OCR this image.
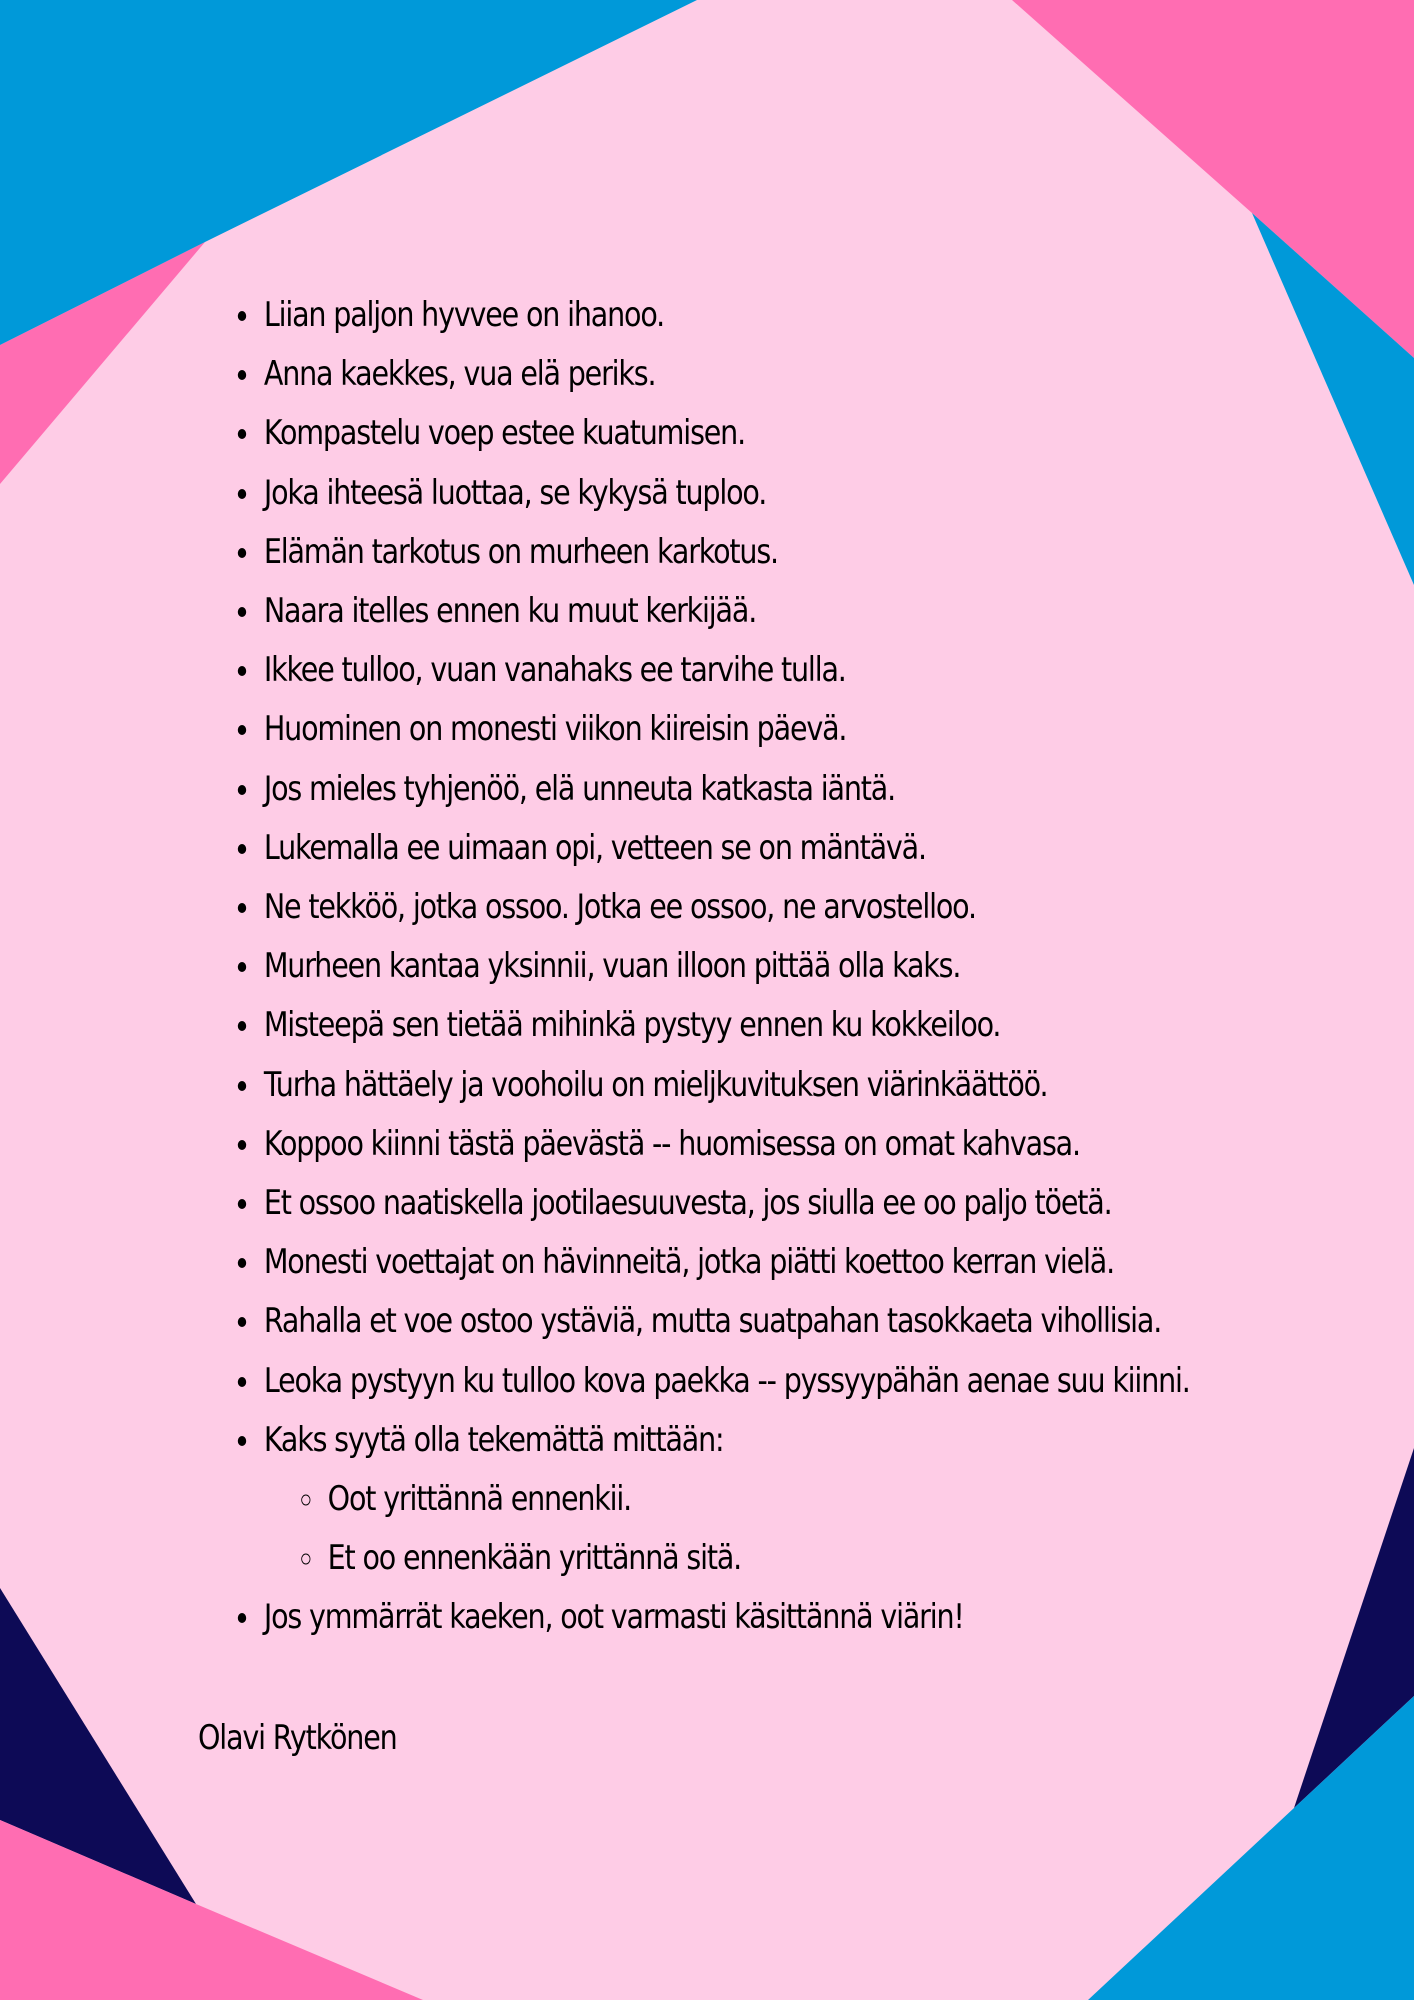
• Liian paljon hyvvee on ihanoo.
• Anna kaekkes, vua elä periks.
• Kompastelu voep estee kuatumisen.
• Joka ihteesä luottaa, se kykysä tuploo.
• Elämän tarkotus on murheen karkotus.
• Naara itelles ennen ku muut kerkijää.
• Ikkee tulloo, vuan vanahaks ee tarvihe tulla.
• Huominen on monesti viikon kiireisin päevä.
• Jos mieles tyhjenöö, elä unneuta katkasta iäntä.
• Lukemalla ee uimaan opi, vetteen se on mäntävä.
• Ne tekköö, jotka ossoo. Jotka ee ossoo, ne arvostelloo.
• Murheen kantaa yksinnii, vuan illoon pittää olla kaks.
• Misteepä sen tietää mihinkä pystyy ennen ku kokkeiloo.
• Turha hättäely ja voohoilu on mieljkuvituksen viärinkäättöö.
• Koppoo kiinni tästä päevästä -- huomisessa on omat kahvasa.
• Et ossoo naatiskella jootilaesuuvesta, jos siulla ee oo paljo töetä.
• Monesti voettajat on hävinneitä, jotka piätti koettoo kerran vielä.
• Rahalla et voe ostoo ystäviä, mutta suatpahan tasokkaeta vihollisia.
• Leoka pystyyn ku tulloo kova paekka -- pyssyypähän aenae suu kiinni.
• Kaks syytä olla tekemättä mittään:
◦ Oot yrittännä ennenkii.
◦ Et oo ennenkään yrittännä sitä.
• Jos ymmärrät kaeken, oot varmasti käsittännä viärin!

Olavi Rytkönen
